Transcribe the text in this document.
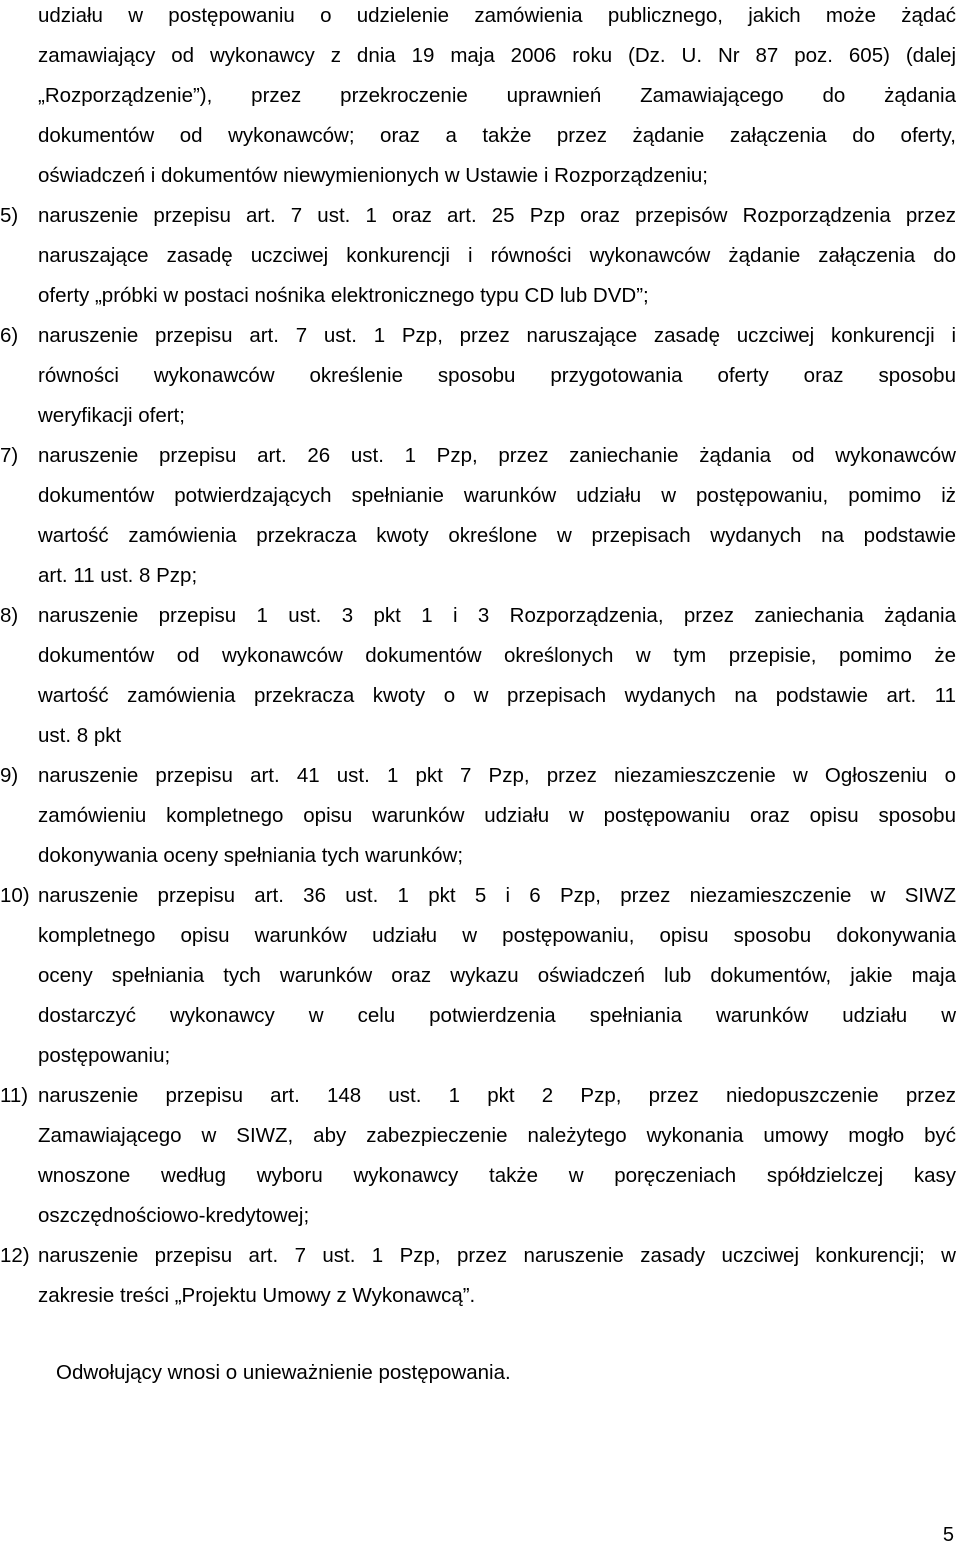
udziału w postępowaniu o udzielenie zamówienia publicznego, jakich może żądać
zamawiający od wykonawcy z dnia 19 maja 2006 roku (Dz. U. Nr 87 poz. 605) (dalej
„Rozporządzenie”), przez przekroczenie uprawnień Zamawiającego do żądania
dokumentów od wykonawców; oraz a także przez żądanie załączenia do oferty,
oświadczeń i dokumentów niewymienionych w Ustawie i Rozporządzeniu;
5) naruszenie przepisu art. 7 ust. 1 oraz art. 25 Pzp oraz przepisów Rozporządzenia przez
naruszające zasadę uczciwej konkurencji i równości wykonawców żądanie załączenia do
oferty „próbki w postaci nośnika elektronicznego typu CD lub DVD”;
6) naruszenie przepisu art. 7 ust. 1 Pzp, przez naruszające zasadę uczciwej konkurencji i
równości wykonawców określenie sposobu przygotowania oferty oraz sposobu
weryfikacji ofert;
7) naruszenie przepisu art. 26 ust. 1 Pzp, przez zaniechanie żądania od wykonawców
dokumentów potwierdzających spełnianie warunków udziału w postępowaniu, pomimo iż
wartość zamówienia przekracza kwoty określone w przepisach wydanych na podstawie
art. 11 ust. 8 Pzp;
8) naruszenie przepisu 1 ust. 3 pkt 1 i 3 Rozporządzenia, przez zaniechania żądania
dokumentów od wykonawców dokumentów określonych w tym przepisie, pomimo że
wartość zamówienia przekracza kwoty o w przepisach wydanych na podstawie art. 11
ust. 8 pkt
9) naruszenie przepisu art. 41 ust. 1 pkt 7 Pzp, przez niezamieszczenie w Ogłoszeniu o
zamówieniu kompletnego opisu warunków udziału w postępowaniu oraz opisu sposobu
dokonywania oceny spełniania tych warunków;
10) naruszenie przepisu art. 36 ust. 1 pkt 5 i 6 Pzp, przez niezamieszczenie w SIWZ
kompletnego opisu warunków udziału w postępowaniu, opisu sposobu dokonywania
oceny spełniania tych warunków oraz wykazu oświadczeń lub dokumentów, jakie maja
dostarczyć wykonawcy w celu potwierdzenia spełniania warunków udziału w
postępowaniu;
11) naruszenie przepisu art. 148 ust. 1 pkt 2 Pzp, przez niedopuszczenie przez
Zamawiającego w SIWZ, aby zabezpieczenie należytego wykonania umowy mogło być
wnoszone według wyboru wykonawcy także w poręczeniach spółdzielczej kasy
oszczędnościowo-kredytowej;
12) naruszenie przepisu art. 7 ust. 1 Pzp, przez naruszenie zasady uczciwej konkurencji; w
zakresie treści „Projektu Umowy z Wykonawcą”.
Odwołujący wnosi o unieważnienie postępowania.
5
